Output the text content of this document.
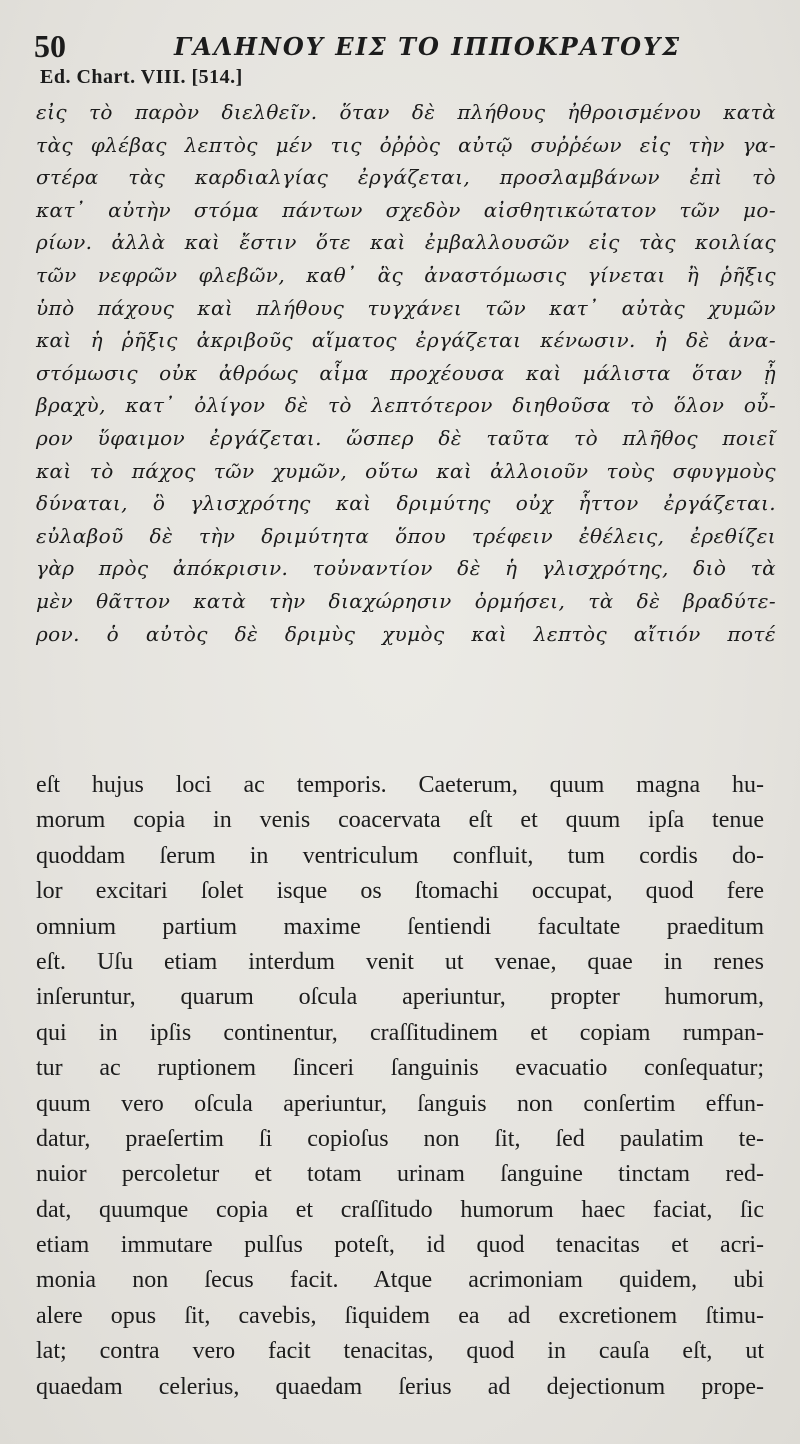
50	ΓΑΛΗΝΟΥ ΕΙΣ ΤΟ ΙΠΠΟΚΡΑΤΟΥΣ
Ed. Chart. VIII. [514.]
εἰς τὸ παρὸν διελθεῖν. ὅταν δὲ πλήθους ἠθροισμένου κατὰ
τὰς φλέβας λεπτὸς μέν τις ὀῤῥὸς αὐτῷ συῤῥέων εἰς τὴν γα-
στέρα τὰς καρδιαλγίας ἐργάζεται, προσλαμβάνων ἐπὶ τὸ
κατ᾽ αὐτὴν στόμα πάντων σχεδὸν αἰσθητικώτατον τῶν μο-
ρίων. ἀλλὰ καὶ ἔστιν ὅτε καὶ ἐμβαλλουσῶν εἰς τὰς κοιλίας
τῶν νεφρῶν φλεβῶν, καθ᾽ ἃς ἀναστόμωσις γίνεται ἢ ῥῆξις
ὑπὸ πάχους καὶ πλήθους τυγχάνει τῶν κατ᾽ αὐτὰς χυμῶν
καὶ ἡ ῥῆξις ἀκριβοῦς αἵματος ἐργάζεται κένωσιν. ἡ δὲ ἀνα-
στόμωσις οὐκ ἀθρόως αἷμα προχέουσα καὶ μάλιστα ὅταν ᾖ
βραχὺ, κατ᾽ ὀλίγον δὲ τὸ λεπτότερον διηθοῦσα τὸ ὅλον οὖ-
ρον ὕφαιμον ἐργάζεται. ὥσπερ δὲ ταῦτα τὸ πλῆθος ποιεῖ
καὶ τὸ πάχος τῶν χυμῶν, οὕτω καὶ ἀλλοιοῦν τοὺς σφυγμοὺς
δύναται, ὃ γλισχρότης καὶ δριμύτης οὐχ ἧττον ἐργάζεται.
εὐλαβοῦ δὲ τὴν δριμύτητα ὅπου τρέφειν ἐθέλεις, ἐρεθίζει
γὰρ πρὸς ἀπόκρισιν. τοὐναντίον δὲ ἡ γλισχρότης, διὸ τὰ
μὲν θᾶττον κατὰ τὴν διαχώρησιν ὁρμήσει, τὰ δὲ βραδύτε-
ρον. ὁ αὐτὸς δὲ δριμὺς χυμὸς καὶ λεπτὸς αἴτιόν ποτέ
eſt hujus loci ac temporis. Caeterum, quum magna hu-
morum copia in venis coacervata eſt et quum ipſa tenue
quoddam ſerum in ventriculum confluit, tum cordis do-
lor excitari ſolet isque os ſtomachi occupat, quod fere
omnium partium maxime ſentiendi facultate praeditum
eſt. Uſu etiam interdum venit ut venae, quae in renes
inſeruntur, quarum oſcula aperiuntur, propter humorum,
qui in ipſis continentur, craſſitudinem et copiam rumpan-
tur ac ruptionem ſinceri ſanguinis evacuatio conſequatur;
quum vero oſcula aperiuntur, ſanguis non conſertim effun-
datur, praeſertim ſi copioſus non ſit, ſed paulatim te-
nuior percoletur et totam urinam ſanguine tinctam red-
dat, quumque copia et craſſitudo humorum haec faciat, ſic
etiam immutare pulſus poteſt, id quod tenacitas et acri-
monia non ſecus facit. Atque acrimoniam quidem, ubi
alere opus ſit, cavebis, ſiquidem ea ad excretionem ſtimu-
lat; contra vero facit tenacitas, quod in cauſa eſt, ut
quaedam celerius, quaedam ſerius ad dejectionum prope-
